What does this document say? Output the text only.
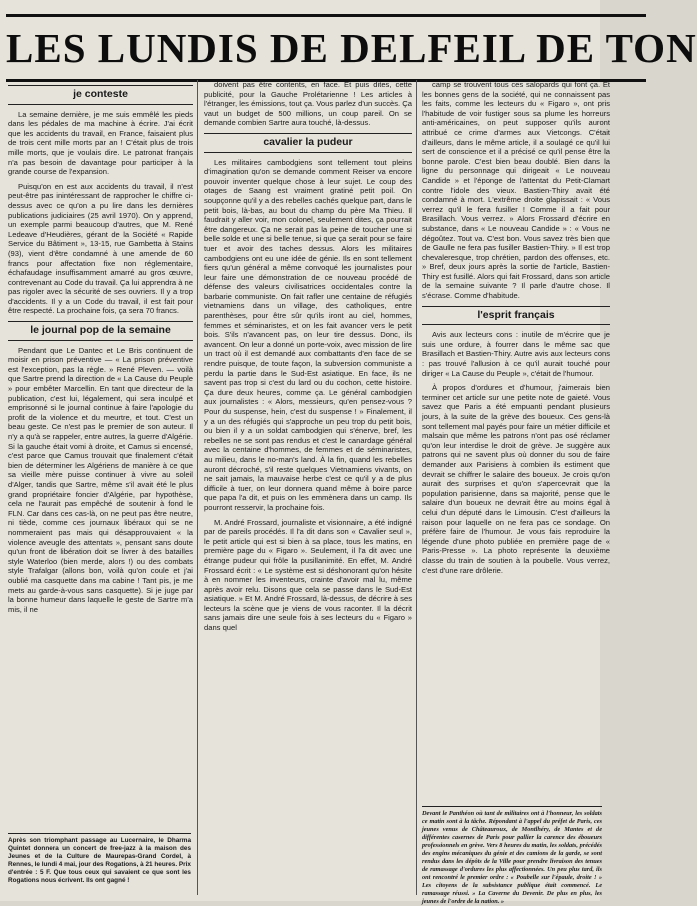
LES LUNDIS DE DELFEIL DE TON
je conteste

La semaine dernière, je me suis emmêlé les pieds dans les pédales de ma machine à écrire. J'ai écrit que les accidents du travail, en France, faisaient plus de trois cent mille morts par an ! C'était plus de trois mille morts, que je voulais dire. Le patronat français n'a pas besoin de davantage pour participer à la grande course de l'expansion.

Puisqu'on en est aux accidents du travail, il n'est peut-être pas inintéressant de rapprocher le chiffre ci-dessus avec ce qu'on a pu lire dans les dernières publications judiciaires (25 avril 1970). On y apprend, un exemple parmi beaucoup d'autres, que M. René Ledeave d'Heudières, gérant de la Société « Rapide Service du Bâtiment », 13-15, rue Gambetta à Stains (93), vient d'être condamné à une amende de 60 francs pour affectation fixe non réglementaire, échafaudage insuffisamment amarré au gros œuvre, contrevenant au Code du travail. Ça lui apprendra à ne pas rigoler avec la sécurité de ses ouvriers. Il y a trop d'accidents. Il y a un Code du travail, il est fait pour être respecté. La prochaine fois, ça sera 70 francs.

le journal pop de la semaine

Pendant que Le Dantec et Le Bris continuent de moisir en prison préventive — « La prison préventive est l'exception, pas la règle. » René Pleven. — voilà que Sartre prend la direction de « La Cause du Peuple » pour embêter Marcellin. En tant que directeur de la publication, c'est lui, légalement, qui sera inculpé et emprisonné si le journal continue à faire l'apologie du profit de la violence et du meurtre, et tout. C'est un beau geste. Ce n'est pas le premier de son auteur. Il n'y a qu'à se rappeler, entre autres, la guerre d'Algérie. Si la gauche était vomi à droite, et Camus si encensé, c'est parce que Camus trouvait que finalement c'était bien de déterminer les Algériens de manière à ce que sa vieille mère puisse continuer à vivre au soleil d'Alger, tandis que Sartre, même s'il avait été le plus grand propriétaire foncier d'Algérie, par hypothèse, cela ne l'aurait pas empêché de soutenir à fond le FLN. Car dans ces cas-là, on ne peut pas être neutre, ni tiède, comme ces journaux libéraux qui se ne nommeraient pas mais qui désapprouvaient « la violence aveugle des attentats », pensant sans doute qu'un front de libération doit se livrer à des batailles style Waterloo (bien merde, alors !) ou des combats style Trafalgar (allons bon, voilà qu'on coule et j'ai oublié ma casquette dans ma cabine ! Tant pis, je me mets au garde-à-vous sans casquette). Si je juge par la bonne humeur dans laquelle le geste de Sartre m'a mis, il ne

doivent pas être contents, en face. Et puis dites, cette publicité, pour la Gauche Prolétarienne ! Les articles à l'étranger, les émissions, tout ça. Vous parlez d'un succès. Ça vaut un budget de 500 millions, un coup pareil. On se demande combien Sartre aura touché, là-dessus.

cavalier la pudeur

Les militaires cambodgiens sont tellement tout pleins d'imagination qu'on se demande comment Reiser va encore pouvoir inventer quelque chose à leur sujet. Le coup des otages de Saang est vraiment gratiné petit poil. On soupçonne qu'il y a des rebelles cachés quelque part, dans le petit bois, là-bas, au bout du champ du père Ma Thieu. Il faudrait y aller voir, mon colonel, seulement dites, ça pourrait être dangereux. Ça ne serait pas la peine de toucher une si belle solde et une si belle tenue, si que ça serait pour se faire tuer et avoir des taches dessus. Alors les militaires cambodgiens ont eu une idée de génie. Ils en sont tellement fiers qu'un général a même convoqué les journalistes pour leur faire une démonstration de ce nouveau procédé de défense des valeurs civilisatrices occidentales contre la barbarie communiste. On fait rafler une centaine de réfugiés vietnamiens dans un village, des catholiques, entre parenthèses, pour être sûr qu'ils iront au ciel, hommes, femmes et séminaristes, et on les fait avancer vers le petit bois. S'ils n'avancent pas, on leur tire dessus. Donc, ils avancent. On leur a donné un porte-voix, avec mission de lire un tract où il est demandé aux combattants d'en face de se rendre puisque, de toute façon, la subversion communiste a perdu la partie dans le Sud-Est asiatique. En face, ils ne savent pas trop si c'est du lard ou du cochon, cette histoire. Ça dure deux heures, comme ça. Le général cambodgien aux journalistes : « Alors, messieurs, qu'en pensez-vous ? Pour du suspense, hein, c'est du suspense ! » Finalement, il y a un des réfugiés qui s'approche un peu trop du petit bois, ou bien il y a un soldat cambodgien qui s'énerve, bref, les rebelles ne se sont pas rendus et c'est le canardage général avec la centaine d'hommes, de femmes et de séminaristes, au milieu, dans le no-man's land. À la fin, quand les rebelles auront décroché, s'il reste quelques Vietnamiens vivants, on ne sait jamais, la mauvaise herbe c'est ce qu'il y a de plus difficile à tuer, on leur donnera quand même à boire parce que papa l'a dit, et puis on les emmènera dans un camp. Ils pourront resservir, la prochaine fois.

M. André Frossard, journaliste et visionnaire, a été indigné par de pareils procédés. Il l'a dit dans son « Cavalier seul », le petit article qui est si bien à sa place, tous les matins, en première page du « Figaro ». Seulement, il l'a dit avec une étrange pudeur qui frôle la pusillanimité. En effet, M. André Frossard écrit : « Le système est si déshonorant qu'on hésite à en nommer les inventeurs, crainte d'avoir mal lu, même après avoir relu. Disons que cela se passe dans le Sud-Est asiatique. » Et M. André Frossard, là-dessus, de décrire à ses lecteurs la scène que je viens de vous raconter. Il la décrit sans jamais dire une seule fois à ses lecteurs du « Figaro » dans quel

camp se trouvent tous ces salopards qui font ça. Et les bonnes gens de la société, qui ne connaissent pas les faits, comme les lecteurs du « Figaro », ont pris l'habitude de voir fustiger sous sa plume les horreurs anti-américaines, on peut supposer qu'ils auront attribué ce crime d'armes aux Vietcongs. C'était d'ailleurs, dans le même article, il a soulagé ce qu'il lui sert de conscience et il a précisé ce qu'il pense être la bonne parole. C'est bien beau doublé. Bien dans la ligne du personnage qui dirigeait « Le nouveau Candide » et l'éponge de l'attentat du Petit-Clamart contre l'idole des vieux. Bastien-Thiry avait été condamné à mort. L'extrême droite glapissait : « Vous verrez qu'il le fera fusiller ! Comme il a fait pour Brasillach. Vous verrez. » Alors Frossard d'écrire en substance, dans « Le nouveau Candide » : « Vous ne dégoûtez. Tout va. C'est bon. Vous savez très bien que de Gaulle ne fera pas fusiller Bastien-Thiry. » Il est trop chevaleresque, trop chrétien, pardon des offenses, etc. » Bref, deux jours après la sortie de l'article, Bastien-Thiry est fusillé. Alors qui fait Frossard, dans son article de la semaine suivante ? Il parle d'autre chose. Il s'écrase. Comme d'habitude.

l'esprit français

Avis aux lecteurs cons : inutile de m'écrire que je suis une ordure, à fourrer dans le même sac que Brasillach et Bastien-Thiry. Autre avis aux lecteurs cons : pas trouvé l'allusion à ce qu'il aurait touché pour diriger « La Cause du Peuple », c'était de l'humour.

À propos d'ordures et d'humour, j'aimerais bien terminer cet article sur une petite note de gaieté. Vous savez que Paris a été empuanti pendant plusieurs jours, à la suite de la grève des boueux. Ces gens-là sont tellement mal payés pour faire un métier difficile et malsain que même les patrons n'ont pas osé réclamer qu'on leur interdise le droit de grève. Je suggère aux patrons qui ne savent plus où donner du sou de faire demander aux Parisiens à combien ils estiment que devrait se chiffrer le salaire des boueux. Je crois qu'on aurait des surprises et qu'on s'apercevrait que la population parisienne, dans sa majorité, pense que le salaire d'un boueux ne devrait être au moins égal à celui d'un député dans le Limousin. C'est d'ailleurs la raison pour laquelle on ne fera pas ce sondage. On préfère faire de l'humour. Je vous fais reproduire la légende d'une photo publiée en première page de « Paris-Presse ». La photo représente la deuxième classe du train de soutien à la poubelle. Vous verrez, c'est d'une rare drôlerie.

Après son triomphant passage au Lucernaire, le Dharma Quintet donnera un concert de free-jazz à la maison des Jeunes et de la Culture de Maurepas-Grand Cordel, à Rennes, le lundi 4 mai, jour des Rogations, à 21 heures. Prix d'entrée : 5 F. Que tous ceux qui savaient ce que sont les Rogations nous écrivent. Ils ont gagné !
Devant le Panthéon où tant de militaires ont à l'honneur, les soldats ce matin sont à la tâche. Répondant à l'appel du préfet de Paris, ces jeunes venus de Châteauroux, de Montlhéry, de Mantes et de différentes casernes de Paris pour pallier la carence des éboueurs professionnels en grève. Vers 8 heures du matin, les soldats, précédés des engins mécaniques du génie et des camions de la garde, se sont rendus dans les dépôts de la Ville pour prendre livraison des tenues de ramassage d'ordures les plus affectionnées. Un peu plus tard, ils ont rencontré le premier ordre : « Poubelle sur l'épaule, droite ! » Les citoyens de la subsistance publique était commencé. Le ramassage réussi. » La Caverne du Devenir. De plus en plus, les jeunes de l'ordre de la nation. »
